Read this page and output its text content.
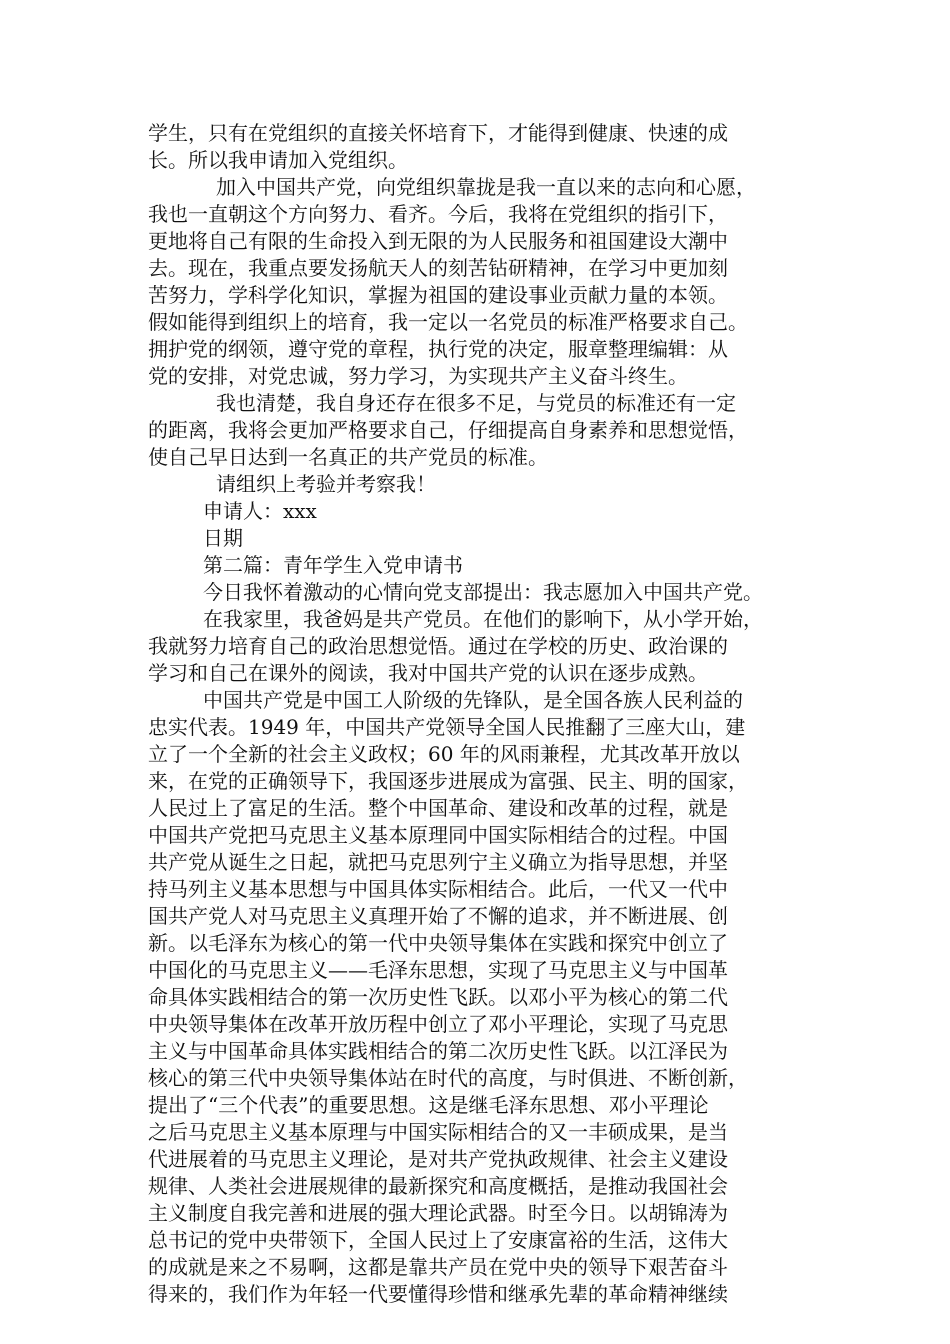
学生，只有在党组织的直接关怀培育下，才能得到健康、快速的成
长。所以我申请加入党组织。
加入中国共产党，向党组织靠拢是我一直以来的志向和心愿，
我也一直朝这个方向努力、看齐。今后，我将在党组织的指引下，
更地将自己有限的生命投入到无限的为人民服务和祖国建设大潮中
去。现在，我重点要发扬航天人的刻苦钻研精神，在学习中更加刻
苦努力，学科学化知识，掌握为祖国的建设事业贡献力量的本领。
假如能得到组织上的培育，我一定以一名党员的标准严格要求自己。
拥护党的纲领，遵守党的章程，执行党的决定，服章整理编辑：从
党的安排，对党忠诚，努力学习，为实现共产主义奋斗终生。
我也清楚，我自身还存在很多不足，与党员的标准还有一定
的距离，我将会更加严格要求自己，仔细提高自身素养和思想觉悟，
使自己早日达到一名真正的共产党员的标准。
请组织上考验并考察我！
申请人：xxx
日期
第二篇：青年学生入党申请书
今日我怀着激动的心情向党支部提出：我志愿加入中国共产党。
在我家里，我爸妈是共产党员。在他们的影响下，从小学开始，
我就努力培育自己的政治思想觉悟。通过在学校的历史、政治课的
学习和自己在课外的阅读，我对中国共产党的认识在逐步成熟。
中国共产党是中国工人阶级的先锋队，是全国各族人民利益的
忠实代表。1949 年，中国共产党领导全国人民推翻了三座大山，建
立了一个全新的社会主义政权；60 年的风雨兼程，尤其改革开放以
来，在党的正确领导下，我国逐步进展成为富强、民主、明的国家，
人民过上了富足的生活。整个中国革命、建设和改革的过程，就是
中国共产党把马克思主义基本原理同中国实际相结合的过程。中国
共产党从诞生之日起，就把马克思列宁主义确立为指导思想，并坚
持马列主义基本思想与中国具体实际相结合。此后，一代又一代中
国共产党人对马克思主义真理开始了不懈的追求，并不断进展、创
新。以毛泽东为核心的第一代中央领导集体在实践和探究中创立了
中国化的马克思主义——毛泽东思想，实现了马克思主义与中国革
命具体实践相结合的第一次历史性飞跃。以邓小平为核心的第二代
中央领导集体在改革开放历程中创立了邓小平理论，实现了马克思
主义与中国革命具体实践相结合的第二次历史性飞跃。以江泽民为
核心的第三代中央领导集体站在时代的高度，与时俱进、不断创新，
提出了“三个代表”的重要思想。这是继毛泽东思想、邓小平理论
之后马克思主义基本原理与中国实际相结合的又一丰硕成果，是当
代进展着的马克思主义理论，是对共产党执政规律、社会主义建设
规律、人类社会进展规律的最新探究和高度概括，是推动我国社会
主义制度自我完善和进展的强大理论武器。时至今日。以胡锦涛为
总书记的党中央带领下，全国人民过上了安康富裕的生活，这伟大
的成就是来之不易啊，这都是靠共产员在党中央的领导下艰苦奋斗
得来的，我们作为年轻一代要懂得珍惜和继承先辈的革命精神继续
